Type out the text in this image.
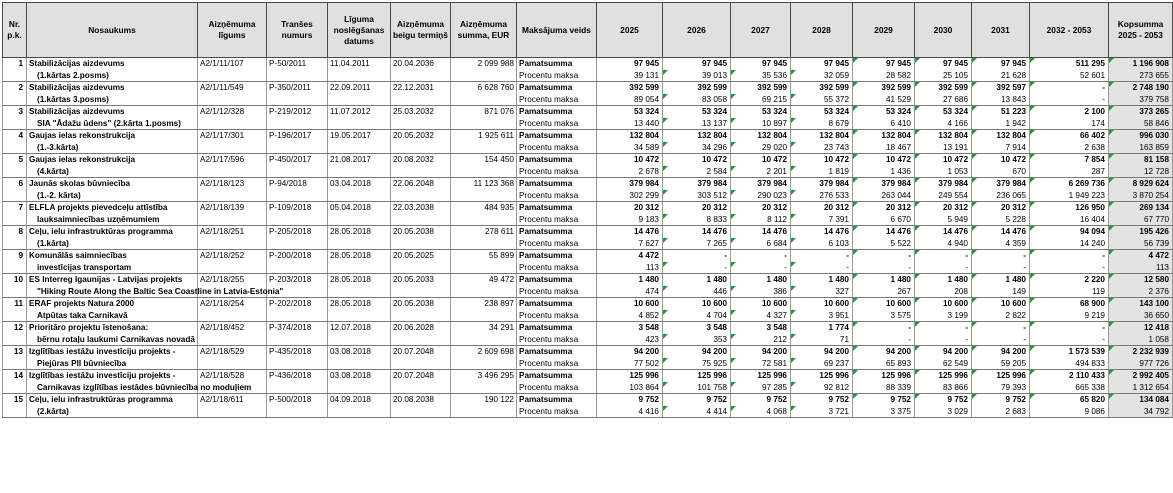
Nr. p.k.	Nosaukums	Aizņēmuma līgums	Tranšes numurs	Līguma noslēgšanas datums	Aizņēmuma beigu termiņš	Aizņēmuma summa, EUR	Maksājuma veids	2025	2026	2027	2028	2029	2030	2031	2032 - 2053	Kopsumma 2025 - 2053
1	Stabilizācijas aizdevums	A2/1/11/107	P-50/2011	11.04.2011	20.04.2036	2 099 988	Pamatsumma	97 945	97 945	97 945	97 945	97 945	97 945	97 945	511 295	1 196 908
	(1.kārtas 2.posms)						Procentu maksa	39 131	39 013	35 536	32 059	28 582	25 105	21 628	52 601	273 655
2	Stabilizācijas aizdevums	A2/1/11/549	P-350/2011	22.09.2011	22.12.2031	6 628 760	Pamatsumma	392 599	392 599	392 599	392 599	392 599	392 599	392 597	-	2 748 190
	(1.kārtas 3.posms)						Procentu maksa	89 054	83 058	69 215	55 372	41 529	27 686	13 843	-	379 758
3	Stabilizācijas aizdevums	A2/1/12/328	P-219/2012	11.07.2012	25.03.2032	871 076	Pamatsumma	53 324	53 324	53 324	53 324	53 324	53 324	51 223	2 100	373 265
	SIA "Ādažu ūdens" (2.kārta 1.posms)						Procentu maksa	13 440	13 137	10 897	8 679	6 410	4 166	1 942	174	58 846
4	Gaujas ielas rekonstrukcija	A2/1/17/301	P-196/2017	19.05.2017	20.05.2032	1 925 611	Pamatsumma	132 804	132 804	132 804	132 804	132 804	132 804	132 804	66 402	996 030
	(1.-3.kārta)						Procentu maksa	34 589	34 296	29 020	23 743	18 467	13 191	7 914	2 638	163 859
5	Gaujas ielas rekonstrukcija	A2/1/17/596	P-450/2017	21.08.2017	20.08.2032	154 450	Pamatsumma	10 472	10 472	10 472	10 472	10 472	10 472	10 472	7 854	81 158
	(4.kārta)						Procentu maksa	2 678	2 584	2 201	1 819	1 436	1 053	670	287	12 728
6	Jaunās skolas būvniecība	A2/1/18/123	P-94/2018	03.04.2018	22.06.2048	11 123 368	Pamatsumma	379 984	379 984	379 984	379 984	379 984	379 984	379 984	6 269 736	8 929 624
	(1.-2. kārta)						Procentu maksa	302 299	303 512	290 023	276 533	263 044	249 554	236 065	1 949 223	3 870 254
7	ELFLA projekts pievedceļu attīstība	A2/1/18/139	P-109/2018	05.04.2018	22.03.2038	484 935	Pamatsumma	20 312	20 312	20 312	20 312	20 312	20 312	20 312	126 950	269 134
	lauksaimniecības uzņēmumiem						Procentu maksa	9 183	8 833	8 112	7 391	6 670	5 949	5 228	16 404	67 770
8	Ceļu, ielu infrastruktūras programma	A2/1/18/251	P-205/2018	28.05.2018	20.05.2038	278 611	Pamatsumma	14 476	14 476	14 476	14 476	14 476	14 476	14 476	94 094	195 426
	(1.kārta)						Procentu maksa	7 627	7 265	6 684	6 103	5 522	4 940	4 359	14 240	56 739
9	Komunālās saimniecības	A2/1/18/252	P-200/2018	28.05.2018	20.05.2025	55 899	Pamatsumma	4 472	-	-	-	-	-	-	-	4 472
	investīcijas transportam						Procentu maksa	113	-	-	-	-	-	-	-	113
10	ES Interreg Igaunijas - Latvijas projekts	A2/1/18/255	P-203/2018	28.05.2018	20.05.2033	49 472	Pamatsumma	1 480	1 480	1 480	1 480	1 480	1 480	1 480	2 220	12 580
	"Hiking Route Along the Baltic Sea Coastline in Latvia-Estonia"						Procentu maksa	474	446	386	327	267	208	149	119	2 376
11	ERAF projekts Natura 2000	A2/1/18/254	P-202/2018	28.05.2018	20.05.2038	238 897	Pamatsumma	10 600	10 600	10 600	10 600	10 600	10 600	10 600	68 900	143 100
	Atpūtas taka Carnikavā						Procentu maksa	4 852	4 704	4 327	3 951	3 575	3 199	2 822	9 219	36 650
12	Prioritāro projektu īstenošana:	A2/1/18/452	P-374/2018	12.07.2018	20.06.2028	34 291	Pamatsumma	3 548	3 548	3 548	1 774	-	-	-	-	12 418
	bērnu rotaļu laukumi Carnikavas novadā						Procentu maksa	423	353	212	71	-	-	-	-	1 058
13	Izglītības iestāžu investīciju projekts -	A2/1/18/529	P-435/2018	03.08.2018	20.07.2048	2 609 698	Pamatsumma	94 200	94 200	94 200	94 200	94 200	94 200	94 200	1 573 539	2 232 939
	Piejūras PII būvniecība						Procentu maksa	77 502	75 925	72 581	69 237	65 893	62 549	59 205	494 833	977 726
14	Izglītības iestāžu investīciju projekts -	A2/1/18/528	P-436/2018	03.08.2018	20.07.2048	3 496 295	Pamatsumma	125 996	125 996	125 996	125 996	125 996	125 996	125 996	2 110 433	2 992 405
	Carnikavas izglītības iestādes būvniecība no moduļiem						Procentu maksa	103 864	101 758	97 285	92 812	88 339	83 866	79 393	665 338	1 312 654
15	Ceļu, ielu infrastruktūras programma	A2/1/18/611	P-500/2018	04.09.2018	20.08.2038	190 122	Pamatsumma	9 752	9 752	9 752	9 752	9 752	9 752	9 752	65 820	134 084
	(2.kārta)						Procentu maksa	4 416	4 414	4 068	3 721	3 375	3 029	2 683	9 086	34 792
